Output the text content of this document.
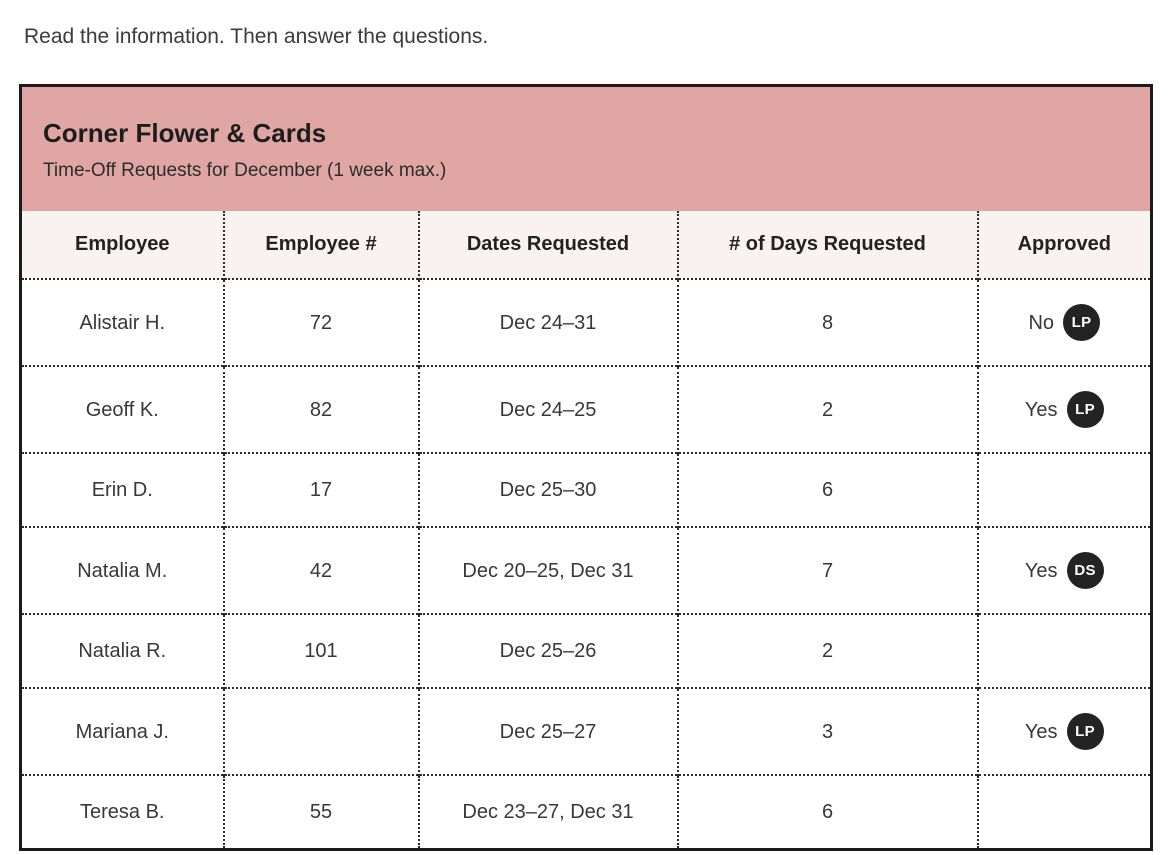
Read the information. Then answer the questions.

Corner Flower & Cards
Time-Off Requests for December (1 week max.)				

Employee	Employee #	Dates Requested	# of Days Requested	Approved
Alistair H.	72	Dec 24–31	8	No LP

Geoff K.	82	Dec 24–25	2	Yes LP

Erin D.	17	Dec 25–30	6	

Natalia M.	42	Dec 20–25, Dec 31	7	Yes DS

Natalia R.	101	Dec 25–26	2	

Mariana J.		Dec 25–27	3	Yes LP

Teresa B.	55	Dec 23–27, Dec 31	6	
